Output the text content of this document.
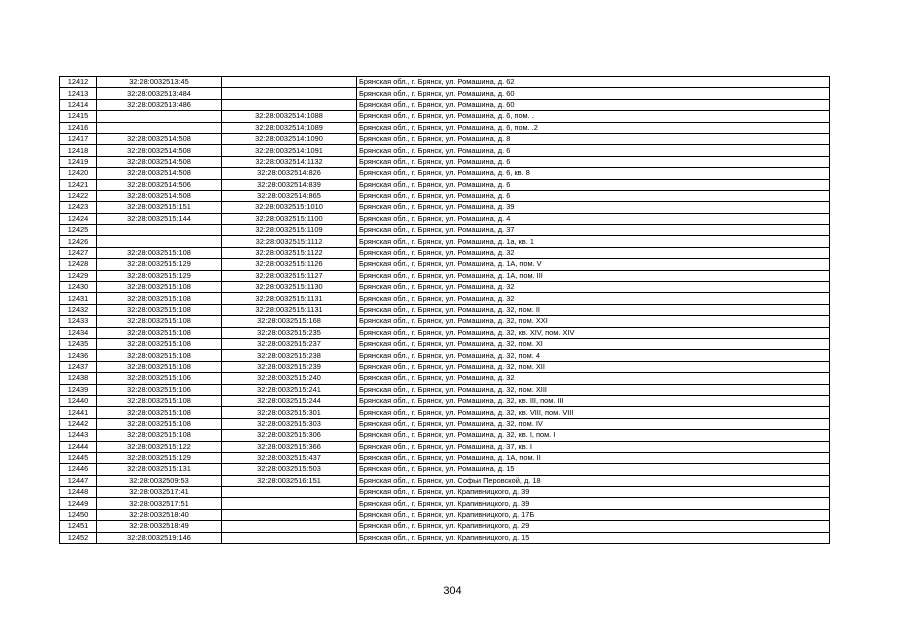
12412	32:28:0032513:45		Брянская обл., г. Брянск, ул. Ромашина, д. 62
12413	32:28:0032513:484		Брянская обл., г. Брянск, ул. Ромашина, д. 60
12414	32:28:0032513:486		Брянская обл., г. Брянск, ул. Ромашина, д. 60
12415		32:28:0032514:1088	Брянская обл., г. Брянск, ул. Ромашина, д. 6, пом. .
12416		32:28:0032514:1089	Брянская обл., г. Брянск, ул. Ромашина, д. 6, пом. .2
12417	32:28:0032514:508	32:28:0032514:1090	Брянская обл., г. Брянск, ул. Ромашина, д. 8
12418	32:28:0032514:508	32:28:0032514:1091	Брянская обл., г. Брянск, ул. Ромашина, д. 6
12419	32:28:0032514:508	32:28:0032514:1132	Брянская обл., г. Брянск, ул. Ромашина, д. 6
12420	32:28:0032514:508	32:28:0032514:826	Брянская обл., г. Брянск, ул. Ромашина, д. 6, кв. 8
12421	32:28:0032514:506	32:28:0032514:839	Брянская обл., г. Брянск, ул. Ромашина, д. 6
12422	32:28:0032514:508	32:28:0032514:865	Брянская обл., г. Брянск, ул. Ромашина, д. 6
12423	32:28:0032515:151	32:28:0032515:1010	Брянская обл., г. Брянск, ул. Ромашина, д. 39
12424	32:28:0032515:144	32:28:0032515:1100	Брянская обл., г. Брянск, ул. Ромашина, д. 4
12425		32:28:0032515:1109	Брянская обл., г. Брянск, ул. Ромашина, д. 37
12426		32:28:0032515:1112	Брянская обл., г. Брянск, ул. Ромашина, д. 1а, кв. 1
12427	32:28:0032515:108	32:28:0032515:1122	Брянская обл., г. Брянск, ул. Ромашина, д. 32
12428	32:28:0032515:129	32:28:0032515:1126	Брянская обл., г. Брянск, ул. Ромашина, д. 1А, пом. V
12429	32:28:0032515:129	32:28:0032515:1127	Брянская обл., г. Брянск, ул. Ромашина, д. 1А, пом. III
12430	32:28:0032515:108	32:28:0032515:1130	Брянская обл., г. Брянск, ул. Ромашина, д. 32
12431	32:28:0032515:108	32:28:0032515:1131	Брянская обл., г. Брянск, ул. Ромашина, д. 32
12432	32:28:0032515:108	32:28:0032515:1131	Брянская обл., г. Брянск, ул. Ромашина, д. 32, пом. II
12433	32:28:0032515:108	32:28:0032515:168	Брянская обл., г. Брянск, ул. Ромашина, д. 32, пом. XXI
12434	32:28:0032515:108	32:28:0032515:235	Брянская обл., г. Брянск, ул. Ромашина, д. 32, кв. XIV, пом. XIV
12435	32:28:0032515:108	32:28:0032515:237	Брянская обл., г. Брянск, ул. Ромашина, д. 32, пом. XI
12436	32:28:0032515:108	32:28:0032515:238	Брянская обл., г. Брянск, ул. Ромашина, д. 32, пом. 4
12437	32:28:0032515:108	32:28:0032515:239	Брянская обл., г. Брянск, ул. Ромашина, д. 32, пом. XII
12438	32:28:0032515:106	32:28:0032515:240	Брянская обл., г. Брянск, ул. Ромашина, д. 32
12439	32:28:0032515:106	32:28:0032515:241	Брянская обл., г. Брянск, ул. Ромашина, д. 32, пом. XIII
12440	32:28:0032515:108	32:28:0032515:244	Брянская обл., г. Брянск, ул. Ромашина, д. 32, кв. III, пом. III
12441	32:28:0032515:108	32:28:0032515:301	Брянская обл., г. Брянск, ул. Ромашина, д. 32, кв. VIII, пом. VIII
12442	32:28:0032515:108	32:28:0032515:303	Брянская обл., г. Брянск, ул. Ромашина, д. 32, пом. IV
12443	32:28:0032515:108	32:28:0032515:306	Брянская обл., г. Брянск, ул. Ромашина, д. 32, кв. I, пом. I
12444	32:28:0032515:122	32:28:0032515:366	Брянская обл., г. Брянск, ул. Ромашина, д. 37, кв. I
12445	32:28:0032515:129	32:28:0032515:437	Брянская обл., г. Брянск, ул. Ромашина, д. 1А, пом. II
12446	32:28:0032515:131	32:28:0032515:503	Брянская обл., г. Брянск, ул. Ромашина, д. 15
12447	32:28:0032509:53	32:28:0032516:151	Брянская обл., г. Брянск, ул. Софьи Перовской, д. 18
12448	32:28:0032517:41		Брянская обл., г. Брянск, ул. Крапивницкого, д. 39
12449	32:28:0032517:51		Брянская обл., г. Брянск, ул. Крапивницкого, д. 39
12450	32:28:0032518:40		Брянская обл., г. Брянск, ул. Крапивницкого, д. 17Б
12451	32:28:0032518:49		Брянская обл., г. Брянск, ул. Крапивницкого, д. 29
12452	32:28:0032519:146		Брянская обл., г. Брянск, ул. Крапивницкого, д. 15
304
